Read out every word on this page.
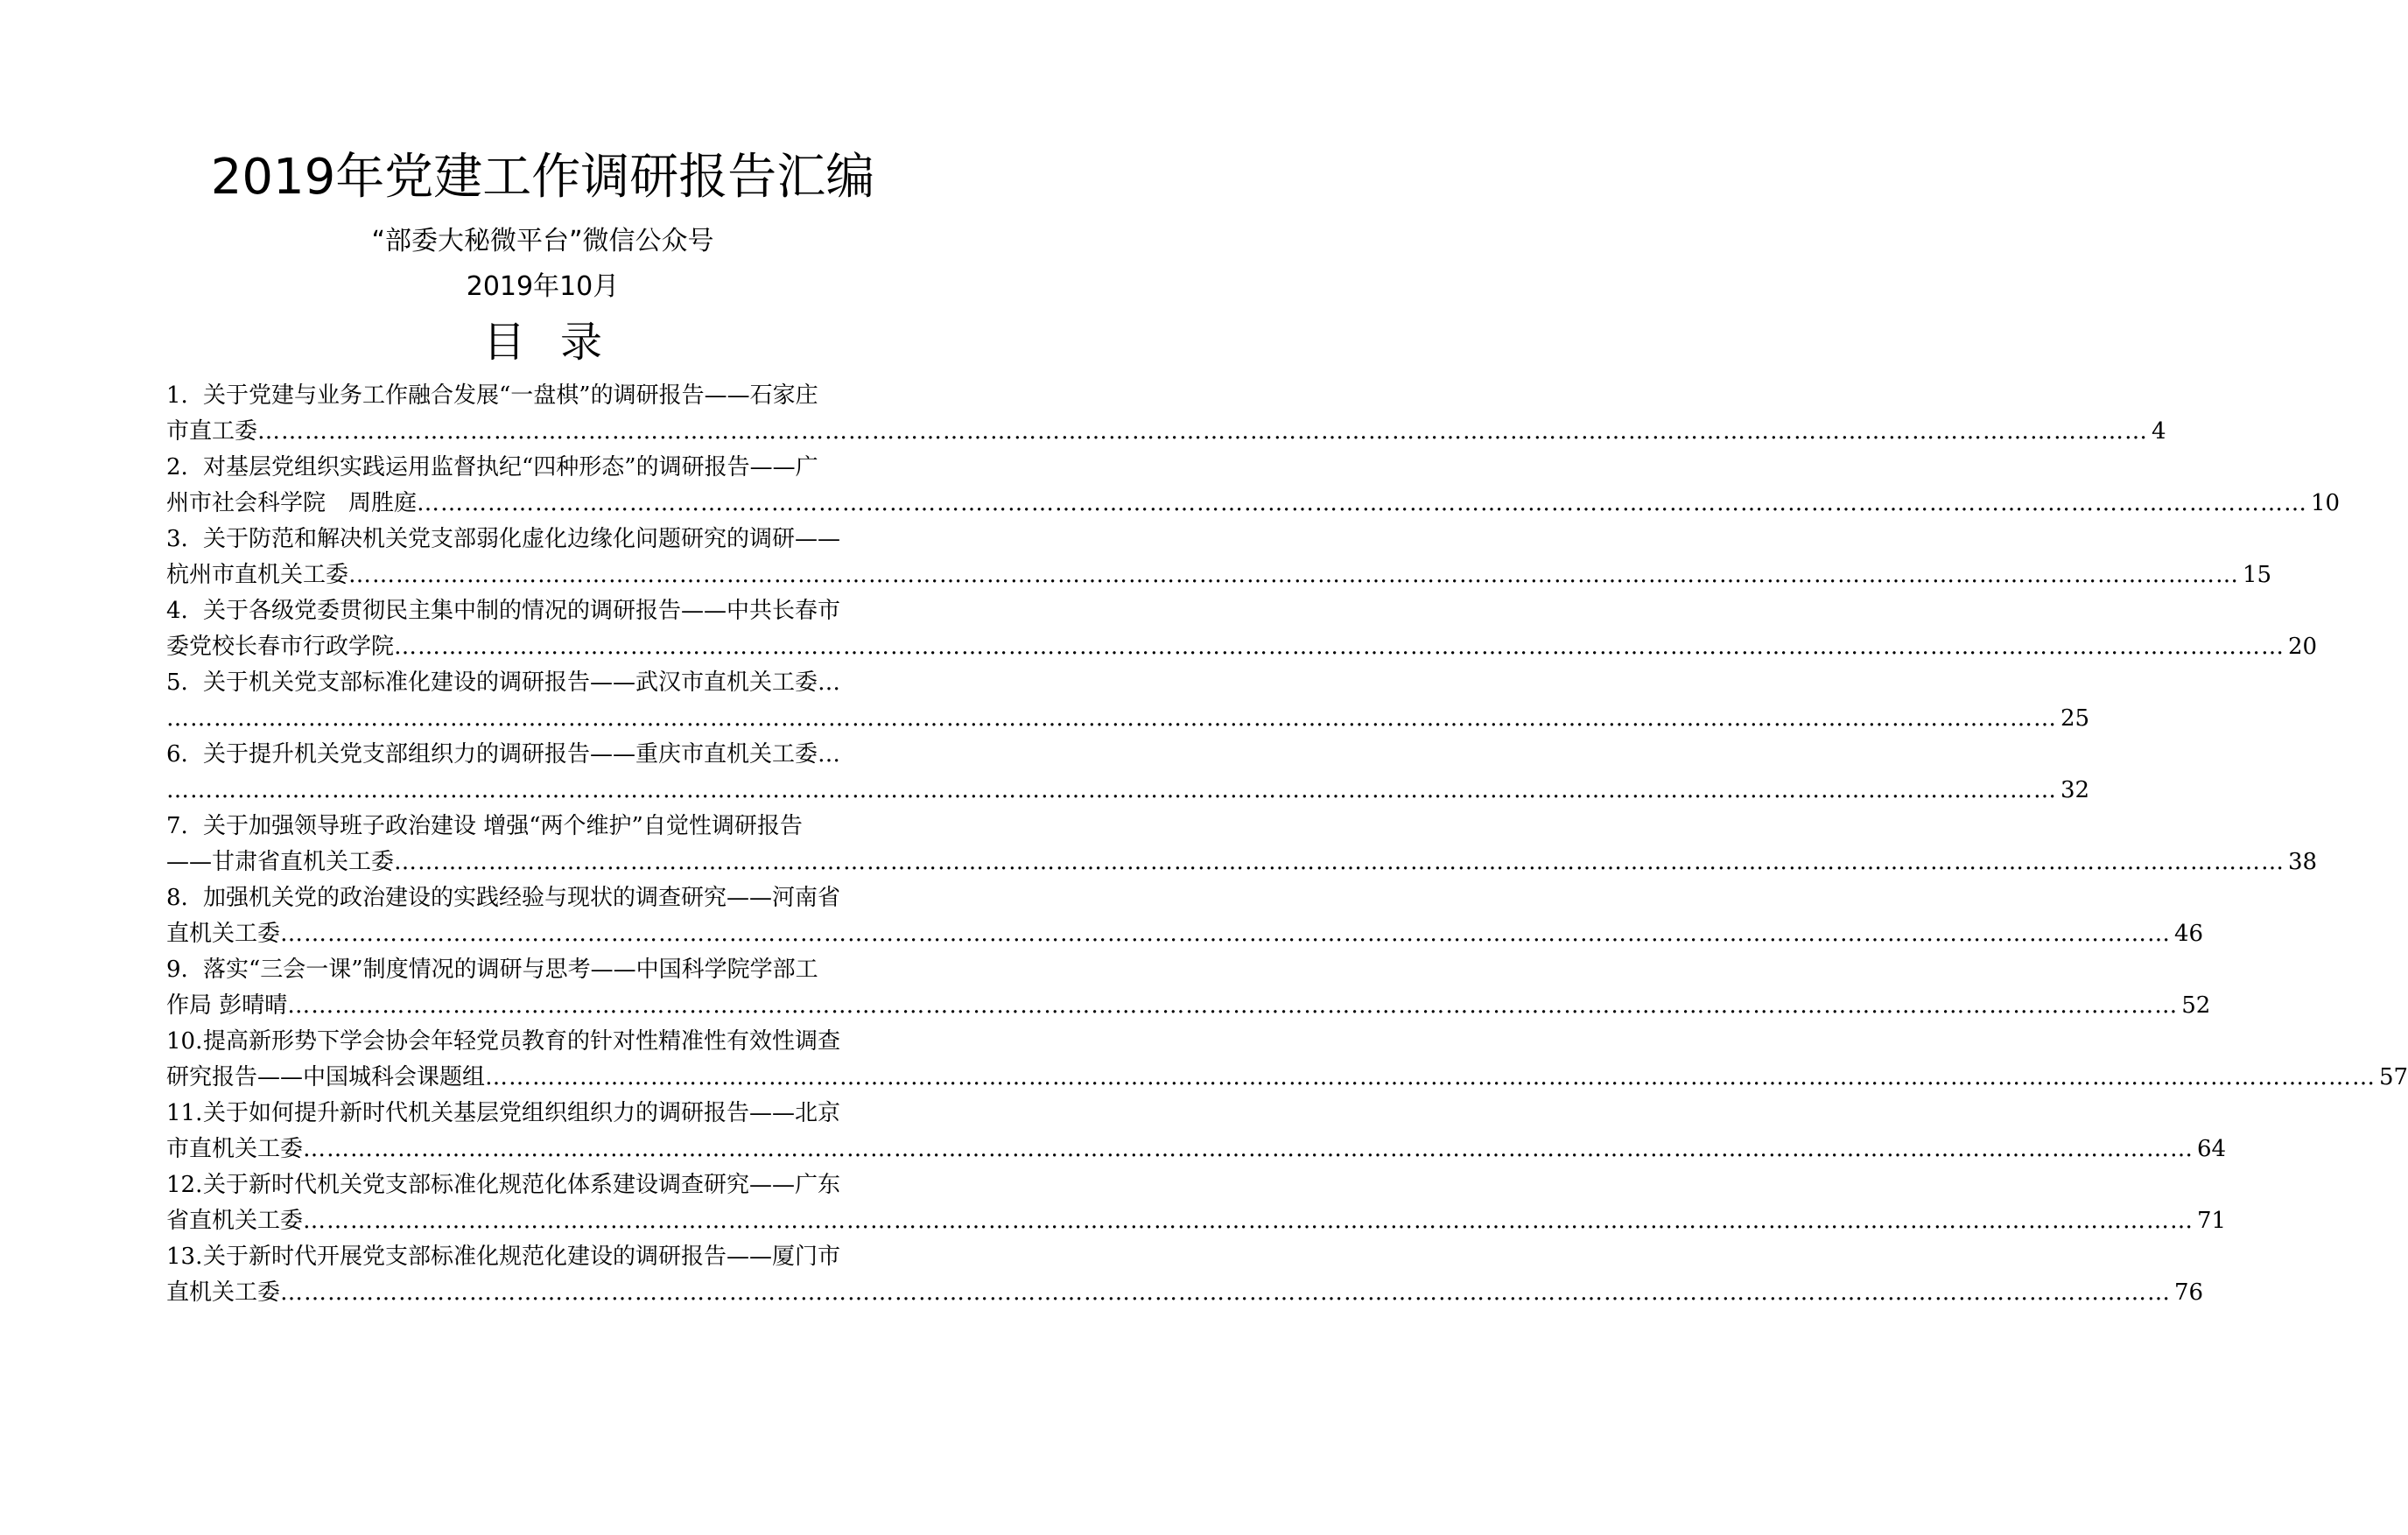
2019年党建工作调研报告汇编
“部委大秘微平台”微信公众号
2019年10月
目录
1. 关于党建与业务工作融合发展“一盘棋”的调研报告——石家庄
市直工委 …………………………………………………………………………………………………………………………………………………………………………………………………………………… 4
2. 对基层党组织实践运用监督执纪“四种形态”的调研报告——广
州市社会科学院　周胜庭 …………………………………………………………………………………………………………………………………………………………………………………………………………………… 10
3. 关于防范和解决机关党支部弱化虚化边缘化问题研究的调研——
杭州市直机关工委 …………………………………………………………………………………………………………………………………………………………………………………………………………………… 15
4. 关于各级党委贯彻民主集中制的情况的调研报告——中共长春市
委党校长春市行政学院 …………………………………………………………………………………………………………………………………………………………………………………………………………………… 20
5. 关于机关党支部标准化建设的调研报告——武汉市直机关工委…
…………………………………………………………………………………………………………………………………………………………………………………………………………………… 25
6. 关于提升机关党支部组织力的调研报告——重庆市直机关工委…
…………………………………………………………………………………………………………………………………………………………………………………………………………………… 32
7. 关于加强领导班子政治建设 增强“两个维护”自觉性调研报告
——甘肃省直机关工委 …………………………………………………………………………………………………………………………………………………………………………………………………………………… 38
8. 加强机关党的政治建设的实践经验与现状的调查研究——河南省
直机关工委 …………………………………………………………………………………………………………………………………………………………………………………………………………………… 46
9. 落实“三会一课”制度情况的调研与思考——中国科学院学部工
作局 彭晴晴 …………………………………………………………………………………………………………………………………………………………………………………………………………………… 52
10.提高新形势下学会协会年轻党员教育的针对性精准性有效性调查
研究报告——中国城科会课题组 …………………………………………………………………………………………………………………………………………………………………………………………………………………… 57
11.关于如何提升新时代机关基层党组织组织力的调研报告——北京
市直机关工委 …………………………………………………………………………………………………………………………………………………………………………………………………………………… 64
12.关于新时代机关党支部标准化规范化体系建设调查研究——广东
省直机关工委 …………………………………………………………………………………………………………………………………………………………………………………………………………………… 71
13.关于新时代开展党支部标准化规范化建设的调研报告——厦门市
直机关工委 …………………………………………………………………………………………………………………………………………………………………………………………………………………… 76
